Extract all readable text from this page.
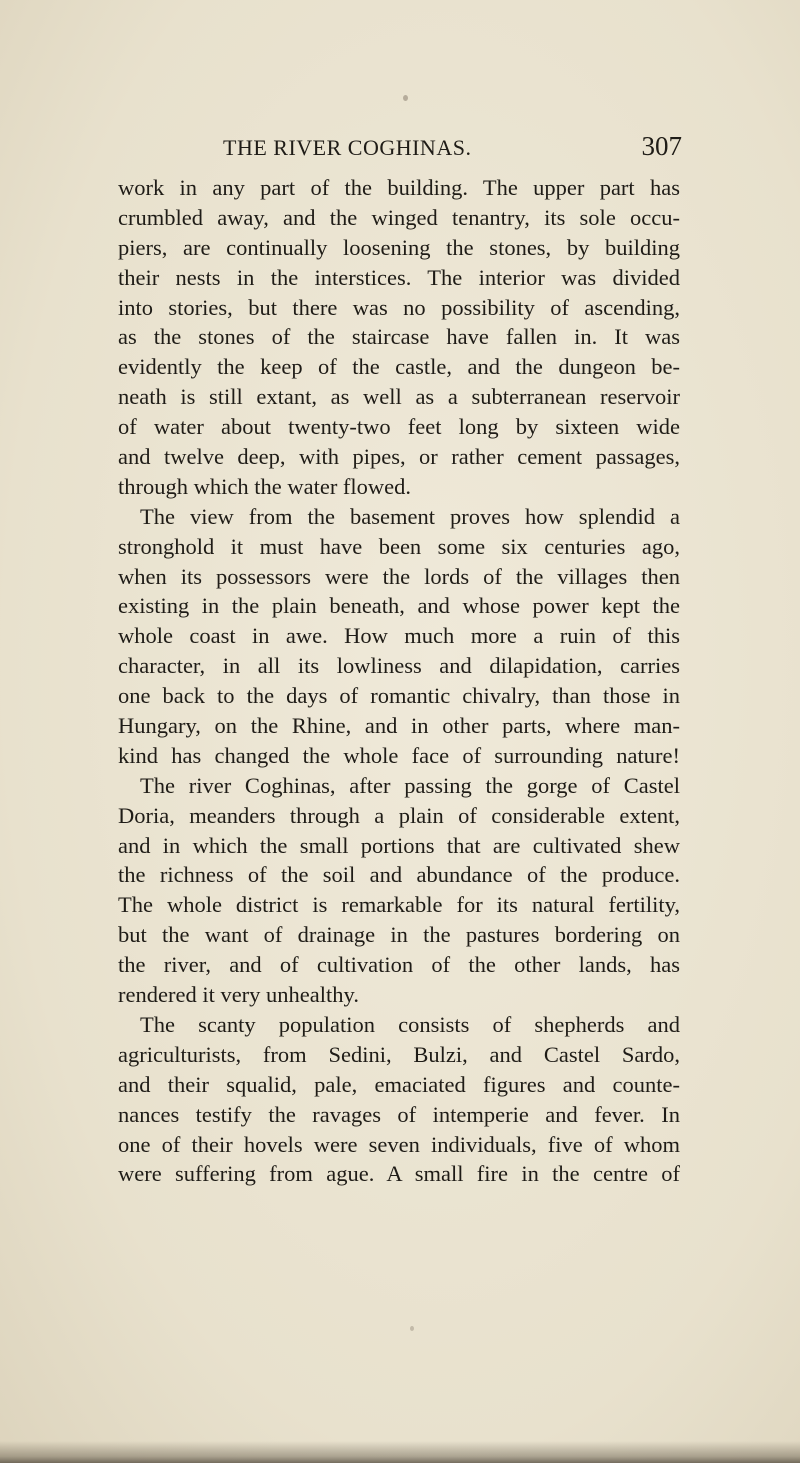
THE RIVER COGHINAS.	307
work in any part of the building. The upper part has
crumbled away, and the winged tenantry, its sole occu-
piers, are continually loosening the stones, by building
their nests in the interstices. The interior was divided
into stories, but there was no possibility of ascending,
as the stones of the staircase have fallen in. It was
evidently the keep of the castle, and the dungeon be-
neath is still extant, as well as a subterranean reservoir
of water about twenty-two feet long by sixteen wide
and twelve deep, with pipes, or rather cement passages,
through which the water flowed.
The view from the basement proves how splendid a
stronghold it must have been some six centuries ago,
when its possessors were the lords of the villages then
existing in the plain beneath, and whose power kept the
whole coast in awe. How much more a ruin of this
character, in all its lowliness and dilapidation, carries
one back to the days of romantic chivalry, than those in
Hungary, on the Rhine, and in other parts, where man-
kind has changed the whole face of surrounding nature!
The river Coghinas, after passing the gorge of Castel
Doria, meanders through a plain of considerable extent,
and in which the small portions that are cultivated shew
the richness of the soil and abundance of the produce.
The whole district is remarkable for its natural fertility,
but the want of drainage in the pastures bordering on
the river, and of cultivation of the other lands, has
rendered it very unhealthy.
The scanty population consists of shepherds and
agriculturists, from Sedini, Bulzi, and Castel Sardo,
and their squalid, pale, emaciated figures and counte-
nances testify the ravages of intemperie and fever. In
one of their hovels were seven individuals, five of whom
were suffering from ague. A small fire in the centre of
